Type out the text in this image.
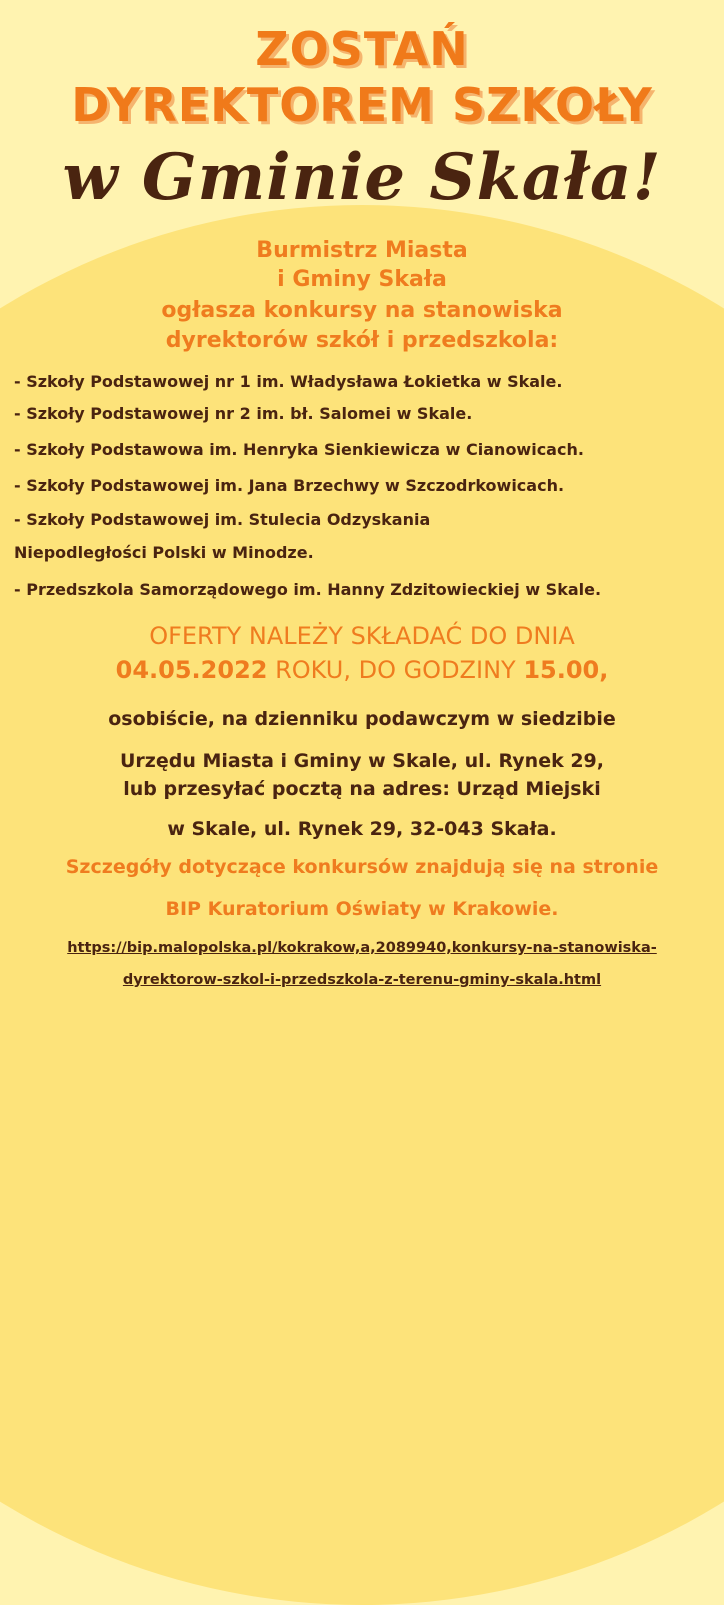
ZOSTAŃ
DYREKTOREM SZKOŁY
w Gminie Skała!
Burmistrz Miasta
i Gminy Skała
ogłasza konkursy na stanowiska
dyrektorów szkół i przedszkola:
- Szkoły Podstawowej nr 1 im. Władysława Łokietka w Skale.
- Szkoły Podstawowej nr 2 im. bł. Salomei w Skale.
- Szkoły Podstawowa im. Henryka Sienkiewicza w Cianowicach.
- Szkoły Podstawowej im. Jana Brzechwy w Szczodrkowicach.
- Szkoły Podstawowej im. Stulecia Odzyskania
Niepodległości Polski w Minodze.
- Przedszkola Samorządowego im. Hanny Zdzitowieckiej w Skale.
OFERTY NALEŻY SKŁADAĆ DO DNIA
04.05.2022 ROKU, DO GODZINY 15.00,
osobiście, na dzienniku podawczym w siedzibie
Urzędu Miasta i Gminy w Skale, ul. Rynek 29,
lub przesyłać pocztą na adres: Urząd Miejski
w Skale, ul. Rynek 29, 32-043 Skała.
Szczegóły dotyczące konkursów znajdują się na stronie
BIP Kuratorium Oświaty w Krakowie.
https://bip.malopolska.pl/kokrakow,a,2089940,konkursy-na-stanowiska-
dyrektorow-szkol-i-przedszkola-z-terenu-gminy-skala.html
